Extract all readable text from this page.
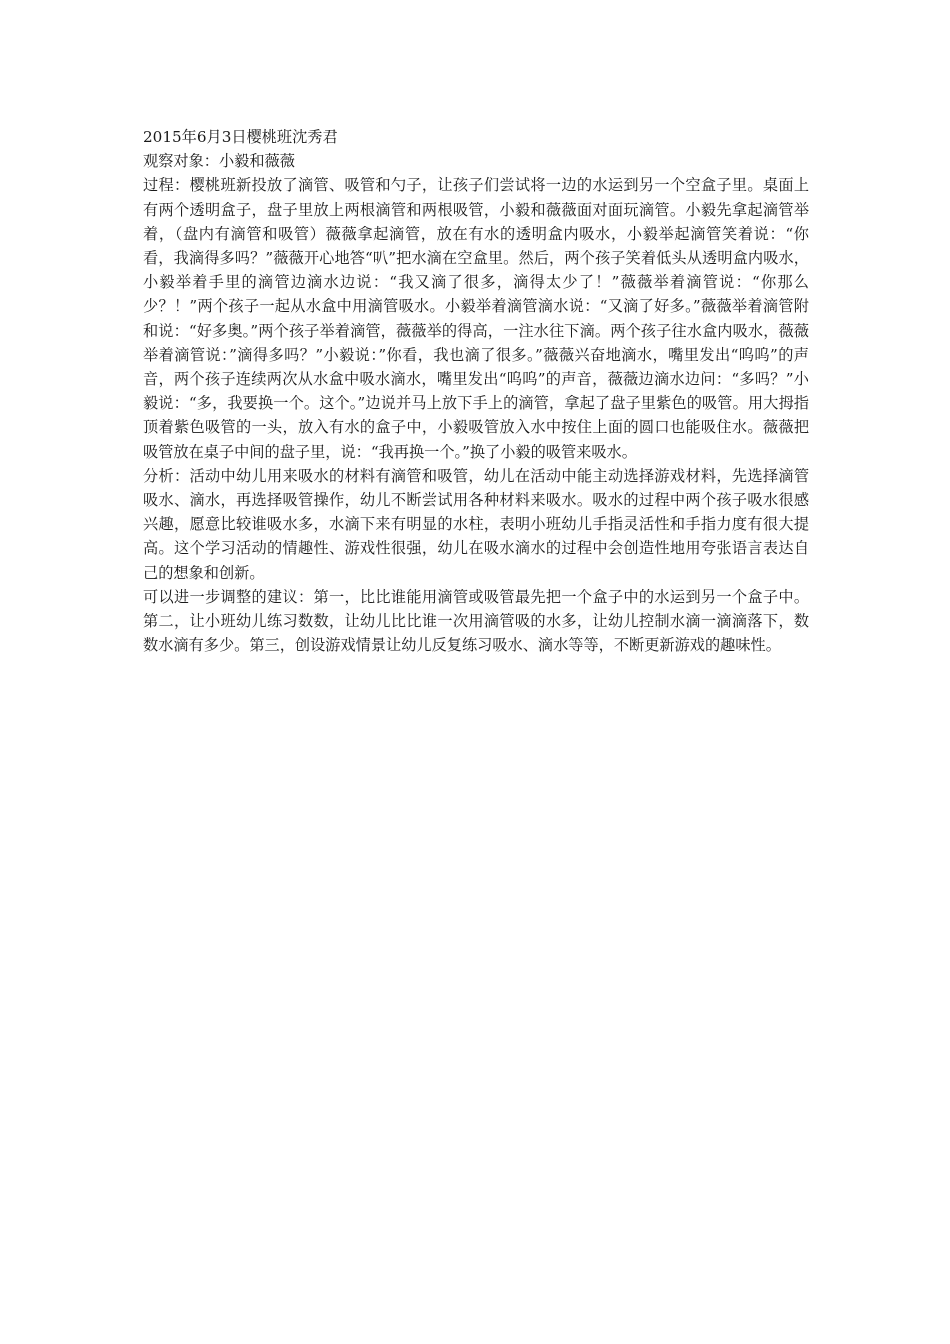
2015年6月3日樱桃班沈秀君

观察对象：小毅和薇薇

过程：樱桃班新投放了滴管、吸管和勺子，让孩子们尝试将一边的水运到另一个空盒子里。桌面上有两个透明盒子，盘子里放上两根滴管和两根吸管，小毅和薇薇面对面玩滴管。小毅先拿起滴管举着，（盘内有滴管和吸管）薇薇拿起滴管，放在有水的透明盒内吸水，小毅举起滴管笑着说：“你看，我滴得多吗？”薇薇开心地答“叭”把水滴在空盒里。然后，两个孩子笑着低头从透明盒内吸水，小毅举着手里的滴管边滴水边说：“我又滴了很多，滴得太少了！”薇薇举着滴管说：“你那么少？！”两个孩子一起从水盒中用滴管吸水。小毅举着滴管滴水说：“又滴了好多。”薇薇举着滴管附和说：“好多奥。”两个孩子举着滴管，薇薇举的得高，一注水往下滴。两个孩子往水盒内吸水，薇薇举着滴管说：”滴得多吗？”小毅说：”你看，我也滴了很多。”薇薇兴奋地滴水，嘴里发出“呜呜”的声音，两个孩子连续两次从水盒中吸水滴水，嘴里发出“呜呜”的声音，薇薇边滴水边问：“多吗？”小毅说：“多，我要换一个。这个。”边说并马上放下手上的滴管，拿起了盘子里紫色的吸管。用大拇指顶着紫色吸管的一头，放入有水的盒子中，小毅吸管放入水中按住上面的圆口也能吸住水。薇薇把吸管放在桌子中间的盘子里，说：“我再换一个。”换了小毅的吸管来吸水。

分析：活动中幼儿用来吸水的材料有滴管和吸管，幼儿在活动中能主动选择游戏材料，先选择滴管吸水、滴水，再选择吸管操作，幼儿不断尝试用各种材料来吸水。吸水的过程中两个孩子吸水很感兴趣，愿意比较谁吸水多，水滴下来有明显的水柱，表明小班幼儿手指灵活性和手指力度有很大提高。这个学习活动的情趣性、游戏性很强，幼儿在吸水滴水的过程中会创造性地用夸张语言表达自己的想象和创新。

可以进一步调整的建议：第一，比比谁能用滴管或吸管最先把一个盒子中的水运到另一个盒子中。第二，让小班幼儿练习数数，让幼儿比比谁一次用滴管吸的水多，让幼儿控制水滴一滴滴落下，数数水滴有多少。第三，创设游戏情景让幼儿反复练习吸水、滴水等等，不断更新游戏的趣味性。
